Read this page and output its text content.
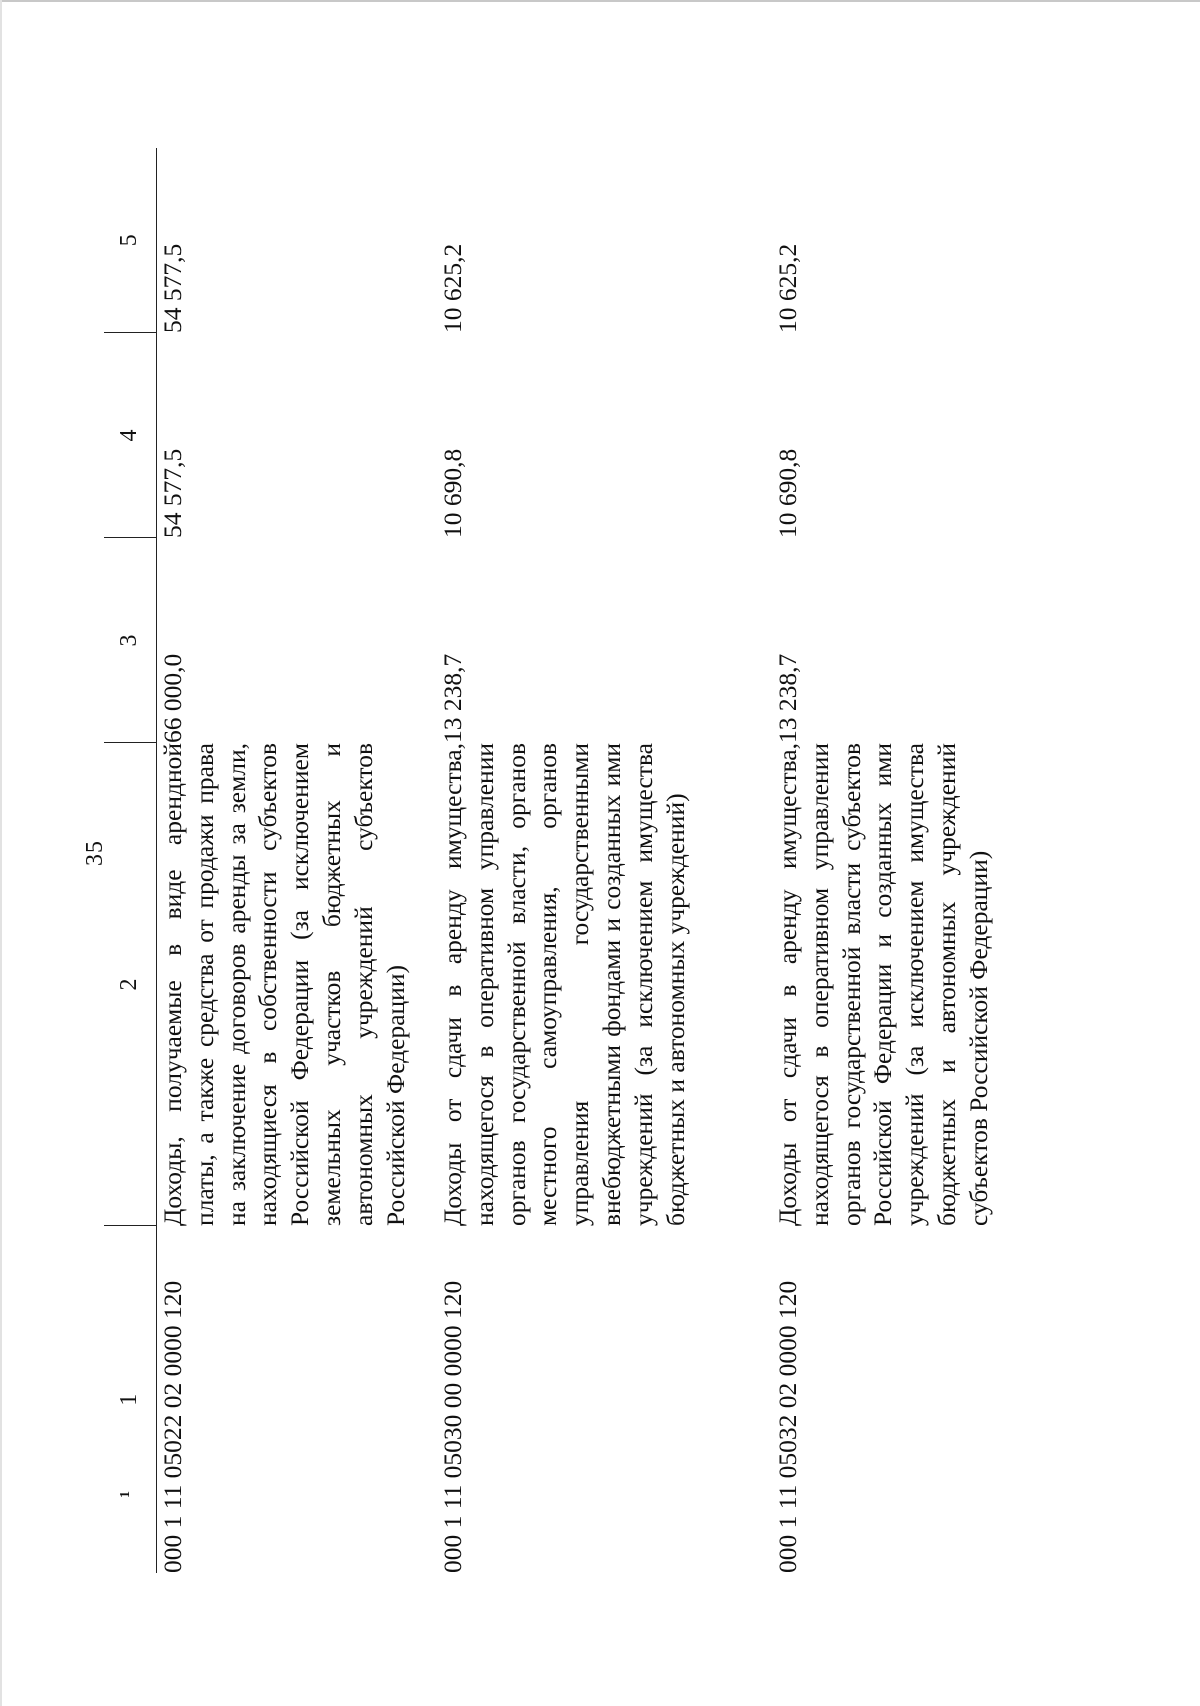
35
1
1	2	3	4	5
000 1 11 05022 02 0000 120	Доходы, получаемые в виде арендной платы, а также средства от продажи права на заключение договоров аренды за земли, находящиеся в собственности субъектов Российской Федерации (за исключением земельных участков бюджетных и автономных учреждений субъектов Российской Федерации)	66 000,0	54 577,5	54 577,5
000 1 11 05030 00 0000 120	Доходы от сдачи в аренду имущества, находящегося в оперативном управлении органов государственной власти, органов местного самоуправления, органов управления государственными внебюджетными фондами и созданных ими учреждений (за исключением имущества бюджетных и автономных учреждений)	13 238,7	10 690,8	10 625,2
000 1 11 05032 02 0000 120	Доходы от сдачи в аренду имущества, находящегося в оперативном управлении органов государственной власти субъектов Российской Федерации и созданных ими учреждений (за исключением имущества бюджетных и автономных учреждений субъектов Российской Федерации)	13 238,7	10 690,8	10 625,2
